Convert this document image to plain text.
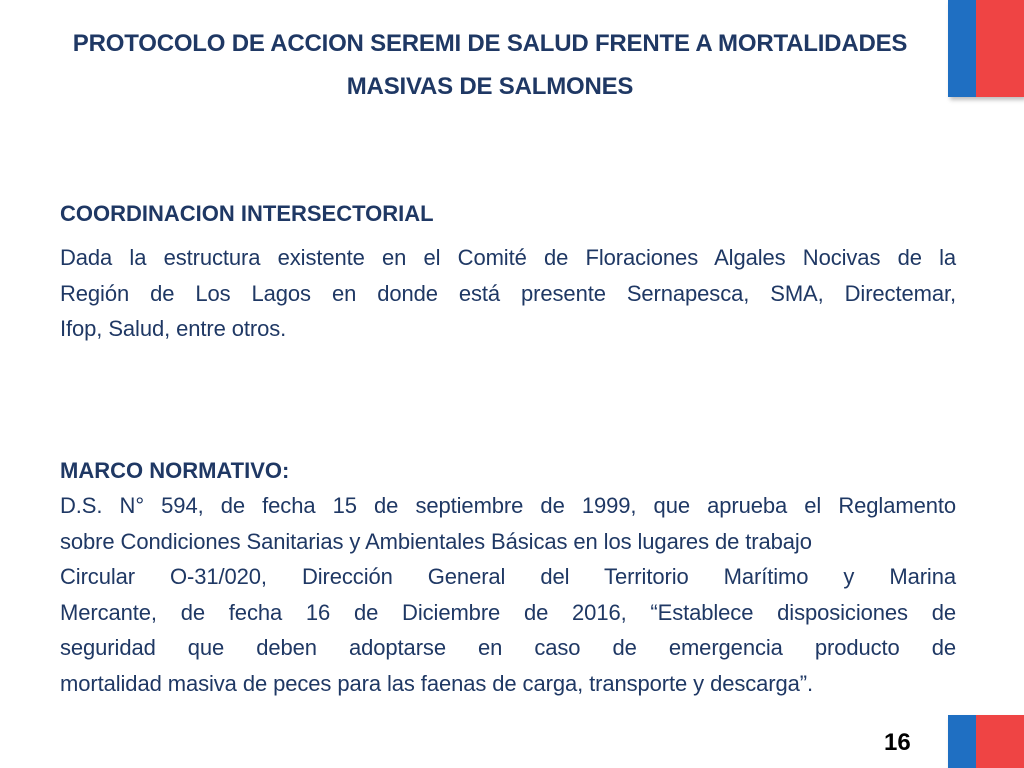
PROTOCOLO DE ACCION SEREMI DE SALUD FRENTE A MORTALIDADES
MASIVAS DE SALMONES
COORDINACION INTERSECTORIAL
Dada la estructura existente en el Comité de Floraciones Algales Nocivas de la
Región de Los Lagos en donde está presente Sernapesca, SMA, Directemar,
Ifop, Salud, entre otros.
MARCO NORMATIVO:
D.S. N° 594, de fecha 15 de septiembre de 1999, que aprueba el Reglamento
sobre Condiciones Sanitarias y Ambientales Básicas en los lugares de trabajo
Circular O-31/020, Dirección General del Territorio Marítimo y Marina
Mercante, de fecha 16 de Diciembre de 2016, “Establece disposiciones de
seguridad que deben adoptarse en caso de emergencia producto de
mortalidad masiva de peces para las faenas de carga, transporte y descarga”.
16
